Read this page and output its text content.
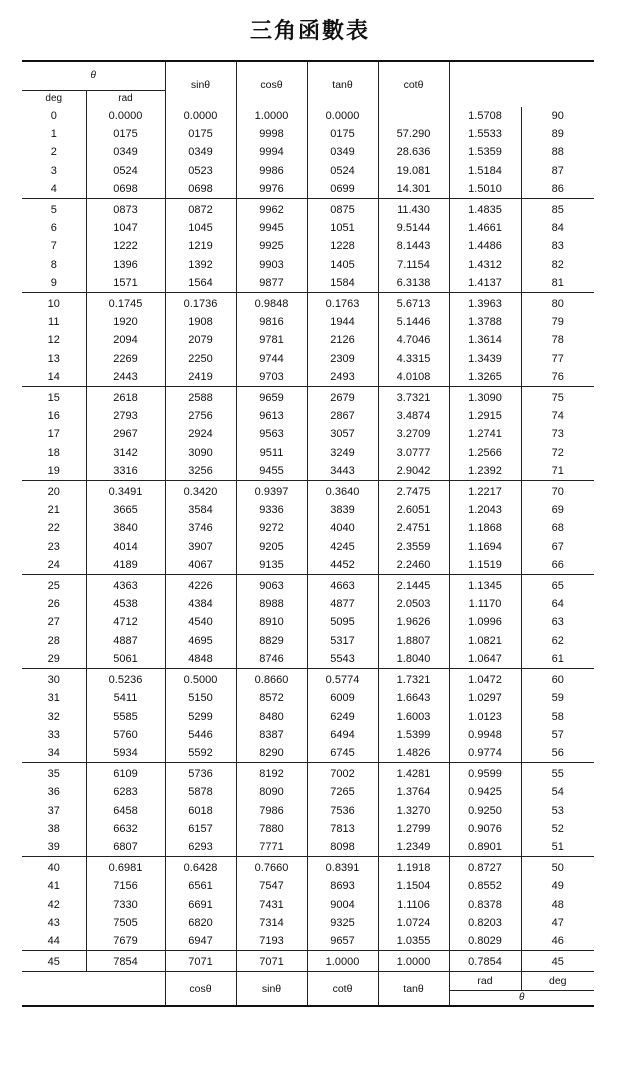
三角函數表
θ		sinθ	cosθ	tanθ	cotθ		
deg	rad						
0	0.0000	0.0000	1.0000	0.0000		1.5708	90
1	0175	0175	9998	0175	57.290	1.5533	89
2	0349	0349	9994	0349	28.636	1.5359	88
3	0524	0523	9986	0524	19.081	1.5184	87
4	0698	0698	9976	0699	14.301	1.5010	86
5	0873	0872	9962	0875	11.430	1.4835	85
6	1047	1045	9945	1051	9.5144	1.4661	84
7	1222	1219	9925	1228	8.1443	1.4486	83
8	1396	1392	9903	1405	7.1154	1.4312	82
9	1571	1564	9877	1584	6.3138	1.4137	81
10	0.1745	0.1736	0.9848	0.1763	5.6713	1.3963	80
11	1920	1908	9816	1944	5.1446	1.3788	79
12	2094	2079	9781	2126	4.7046	1.3614	78
13	2269	2250	9744	2309	4.3315	1.3439	77
14	2443	2419	9703	2493	4.0108	1.3265	76
15	2618	2588	9659	2679	3.7321	1.3090	75
16	2793	2756	9613	2867	3.4874	1.2915	74
17	2967	2924	9563	3057	3.2709	1.2741	73
18	3142	3090	9511	3249	3.0777	1.2566	72
19	3316	3256	9455	3443	2.9042	1.2392	71
20	0.3491	0.3420	0.9397	0.3640	2.7475	1.2217	70
21	3665	3584	9336	3839	2.6051	1.2043	69
22	3840	3746	9272	4040	2.4751	1.1868	68
23	4014	3907	9205	4245	2.3559	1.1694	67
24	4189	4067	9135	4452	2.2460	1.1519	66
25	4363	4226	9063	4663	2.1445	1.1345	65
26	4538	4384	8988	4877	2.0503	1.1170	64
27	4712	4540	8910	5095	1.9626	1.0996	63
28	4887	4695	8829	5317	1.8807	1.0821	62
29	5061	4848	8746	5543	1.8040	1.0647	61
30	0.5236	0.5000	0.8660	0.5774	1.7321	1.0472	60
31	5411	5150	8572	6009	1.6643	1.0297	59
32	5585	5299	8480	6249	1.6003	1.0123	58
33	5760	5446	8387	6494	1.5399	0.9948	57
34	5934	5592	8290	6745	1.4826	0.9774	56
35	6109	5736	8192	7002	1.4281	0.9599	55
36	6283	5878	8090	7265	1.3764	0.9425	54
37	6458	6018	7986	7536	1.3270	0.9250	53
38	6632	6157	7880	7813	1.2799	0.9076	52
39	6807	6293	7771	8098	1.2349	0.8901	51
40	0.6981	0.6428	0.7660	0.8391	1.1918	0.8727	50
41	7156	6561	7547	8693	1.1504	0.8552	49
42	7330	6691	7431	9004	1.1106	0.8378	48
43	7505	6820	7314	9325	1.0724	0.8203	47
44	7679	6947	7193	9657	1.0355	0.8029	46
45	7854	7071	7071	1.0000	1.0000	0.7854	45
		cosθ	sinθ	cotθ	tanθ	rad	deg
						θ	
